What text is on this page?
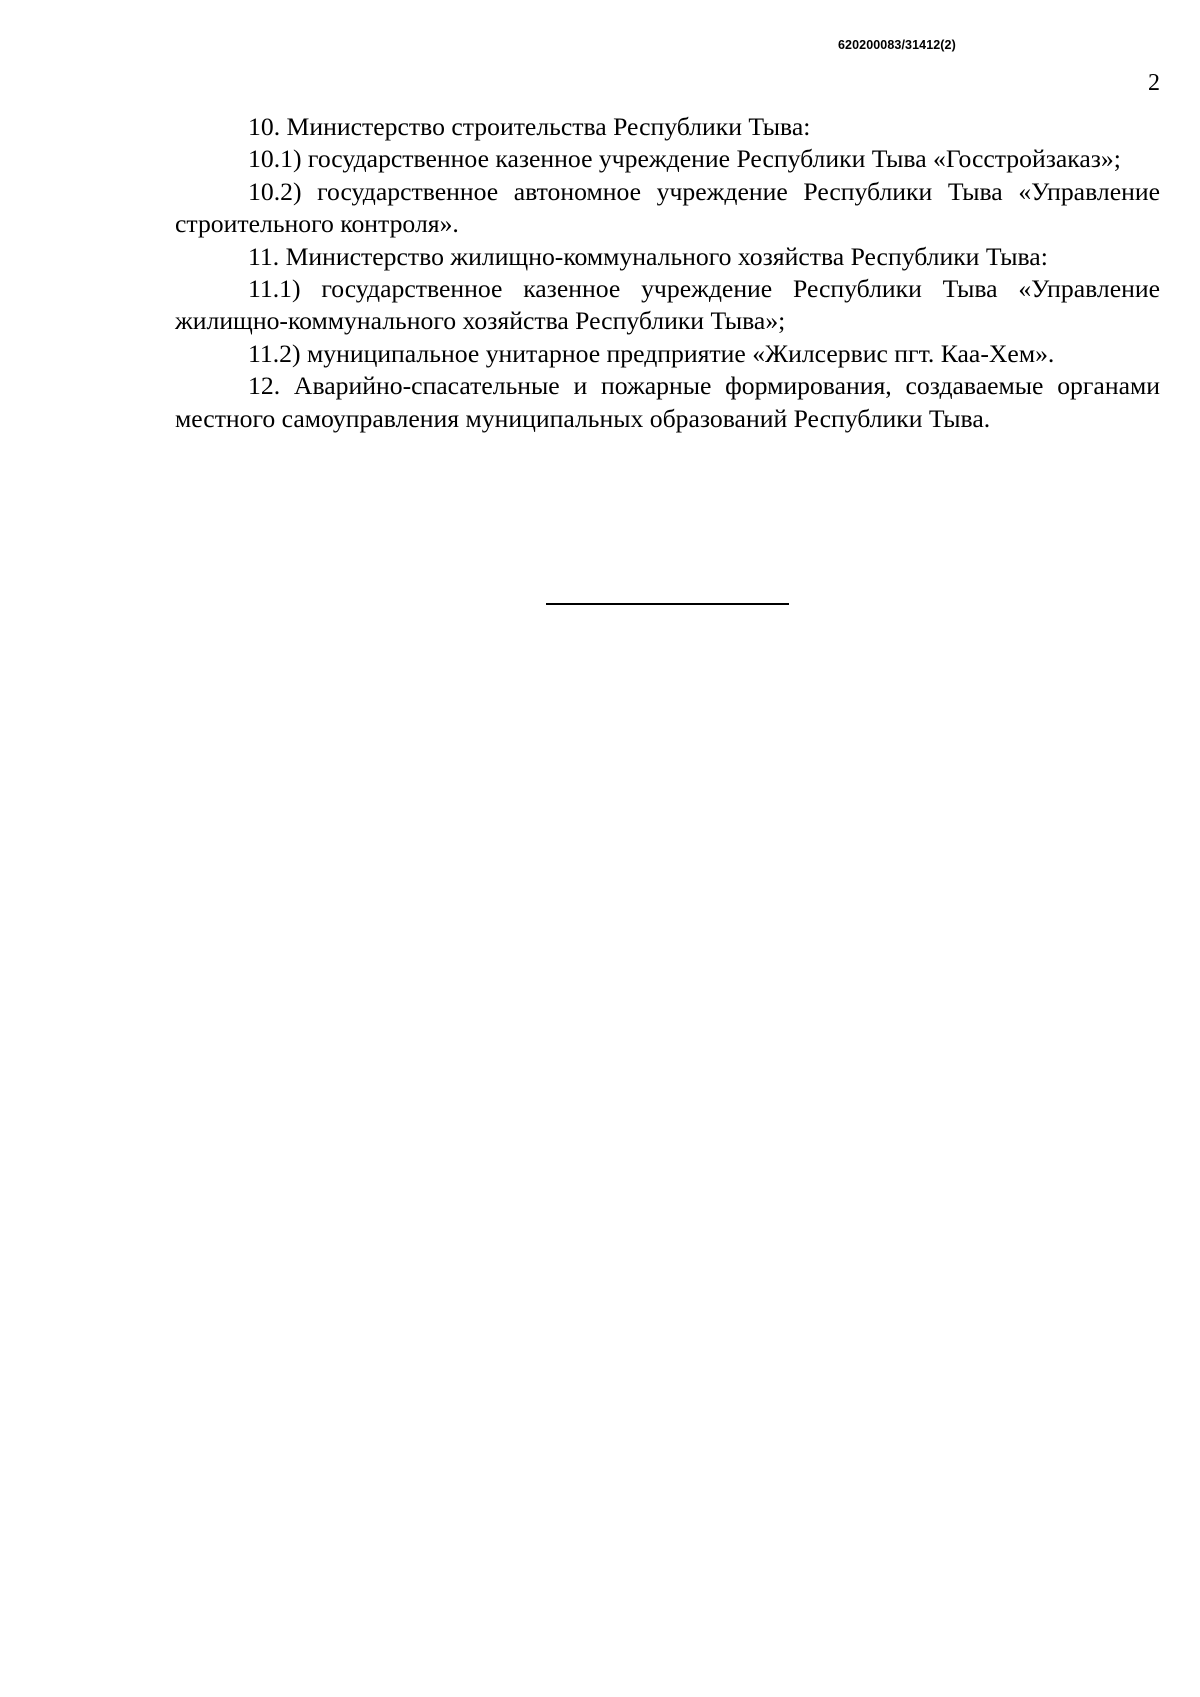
620200083/31412(2)
2

10. Министерство строительства Республики Тыва:

10.1) государственное казенное учреждение Республики Тыва «Госстройзаказ»;

10.2) государственное автономное учреждение Республики Тыва «Управление строительного контроля».

11. Министерство жилищно-коммунального хозяйства Республики Тыва:

11.1) государственное казенное учреждение Республики Тыва «Управление жилищно-коммунального хозяйства Республики Тыва»;

11.2) муниципальное унитарное предприятие «Жилсервис пгт. Каа-Хем».

12. Аварийно-спасательные и пожарные формирования, создаваемые органами местного самоуправления муниципальных образований Республики Тыва.
